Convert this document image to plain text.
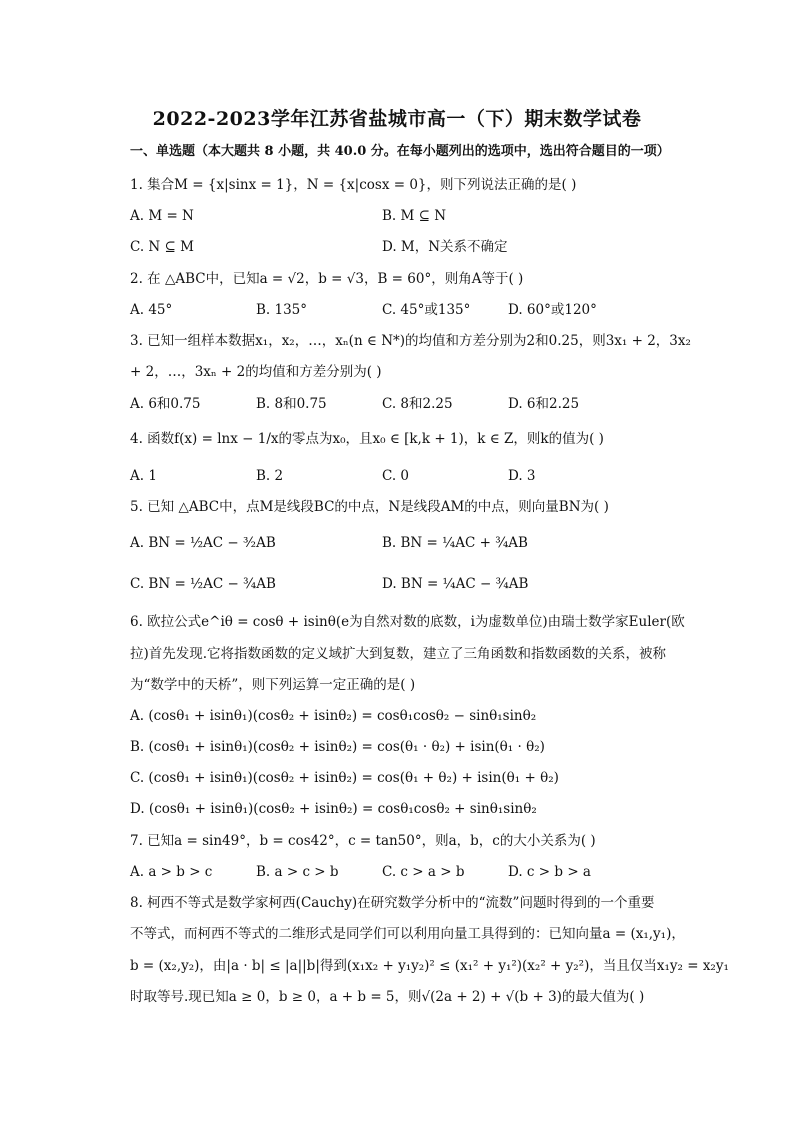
2022-2023学年江苏省盐城市高一（下）期末数学试卷
一、单选题（本大题共 8 小题，共 40.0 分。在每小题列出的选项中，选出符合题目的一项）
1. 集合M = {x|sinx = 1}，N = {x|cosx = 0}，则下列说法正确的是( )
A. M = N	B. M ⊆ N
C. N ⊆ M	D. M，N关系不确定
2. 在 △ABC中，已知a = √2，b = √3，B = 60°，则角A等于( )
A. 45°	B. 135°	C. 45°或135°	D. 60°或120°
3. 已知一组样本数据x₁，x₂，…，xₙ(n ∈ N*)的均值和方差分别为2和0.25，则3x₁ + 2，3x₂
+ 2，…，3xₙ + 2的均值和方差分别为( )
A. 6和0.75	B. 8和0.75	C. 8和2.25	D. 6和2.25
4. 函数f(x) = lnx − 1/x的零点为x₀，且x₀ ∈ [k,k + 1)，k ∈ Z，则k的值为( )
A. 1	B. 2	C. 0	D. 3
5. 已知 △ABC中，点M是线段BC的中点，N是线段AM的中点，则向量BN为( )
A. BN = ½AC − ³⁄₂AB	B. BN = ¼AC + ¾AB
C. BN = ½AC − ¾AB	D. BN = ¼AC − ¾AB
6. 欧拉公式e^iθ = cosθ + isinθ(e为自然对数的底数，i为虚数单位)由瑞士数学家Euler(欧
拉)首先发现.它将指数函数的定义域扩大到复数，建立了三角函数和指数函数的关系，被称
为“数学中的天桥”，则下列运算一定正确的是( )
A. (cosθ₁ + isinθ₁)(cosθ₂ + isinθ₂) = cosθ₁cosθ₂ − sinθ₁sinθ₂
B. (cosθ₁ + isinθ₁)(cosθ₂ + isinθ₂) = cos(θ₁ · θ₂) + isin(θ₁ · θ₂)
C. (cosθ₁ + isinθ₁)(cosθ₂ + isinθ₂) = cos(θ₁ + θ₂) + isin(θ₁ + θ₂)
D. (cosθ₁ + isinθ₁)(cosθ₂ + isinθ₂) = cosθ₁cosθ₂ + sinθ₁sinθ₂
7. 已知a = sin49°，b = cos42°，c = tan50°，则a，b，c的大小关系为( )
A. a > b > c	B. a > c > b	C. c > a > b	D. c > b > a
8. 柯西不等式是数学家柯西(Cauchy)在研究数学分析中的“流数”问题时得到的一个重要
不等式，而柯西不等式的二维形式是同学们可以利用向量工具得到的：已知向量a = (x₁,y₁)，
b = (x₂,y₂)，由|a · b| ≤ |a||b|得到(x₁x₂ + y₁y₂)² ≤ (x₁² + y₁²)(x₂² + y₂²)，当且仅当x₁y₂ = x₂y₁
时取等号.现已知a ≥ 0，b ≥ 0，a + b = 5，则√(2a + 2) + √(b + 3)的最大值为( )
